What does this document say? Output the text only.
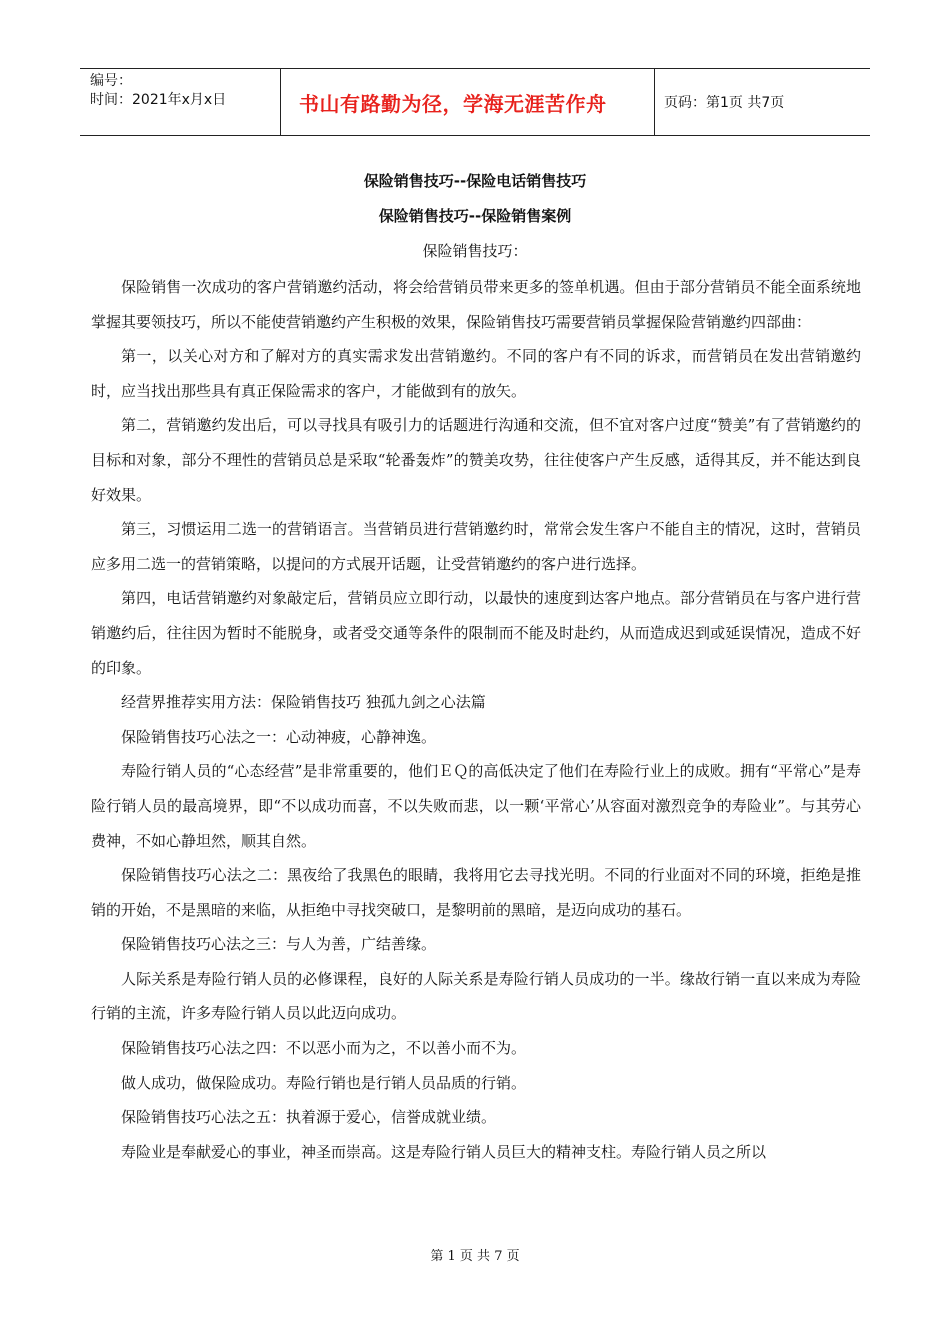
编号：
时间：2021年x月x日	书山有路勤为径，学海无涯苦作舟	页码：第1页 共7页
保险销售技巧--保险电话销售技巧
保险销售技巧--保险销售案例
保险销售技巧：

保险销售一次成功的客户营销邀约活动，将会给营销员带来更多的签单机遇。但由于部分营销员不能全面系统地掌握其要领技巧，所以不能使营销邀约产生积极的效果，保险销售技巧需要营销员掌握保险营销邀约四部曲：

第一，以关心对方和了解对方的真实需求发出营销邀约。不同的客户有不同的诉求，而营销员在发出营销邀约时，应当找出那些具有真正保险需求的客户，才能做到有的放矢。

第二，营销邀约发出后，可以寻找具有吸引力的话题进行沟通和交流，但不宜对客户过度“赞美”有了营销邀约的目标和对象，部分不理性的营销员总是采取“轮番轰炸”的赞美攻势，往往使客户产生反感，适得其反，并不能达到良好效果。

第三，习惯运用二选一的营销语言。当营销员进行营销邀约时，常常会发生客户不能自主的情况，这时，营销员应多用二选一的营销策略，以提问的方式展开话题，让受营销邀约的客户进行选择。

第四，电话营销邀约对象敲定后，营销员应立即行动，以最快的速度到达客户地点。部分营销员在与客户进行营销邀约后，往往因为暂时不能脱身，或者受交通等条件的限制而不能及时赴约，从而造成迟到或延误情况，造成不好的印象。

经营界推荐实用方法：保险销售技巧 独孤九剑之心法篇

保险销售技巧心法之一：心动神疲，心静神逸。

寿险行销人员的“心态经营”是非常重要的，他们ＥＱ的高低决定了他们在寿险行业上的成败。拥有“平常心”是寿险行销人员的最高境界，即“不以成功而喜，不以失败而悲，以一颗‘平常心’从容面对激烈竞争的寿险业”。与其劳心费神，不如心静坦然，顺其自然。

保险销售技巧心法之二：黑夜给了我黑色的眼睛，我将用它去寻找光明。不同的行业面对不同的环境，拒绝是推销的开始，不是黑暗的来临，从拒绝中寻找突破口，是黎明前的黑暗，是迈向成功的基石。

保险销售技巧心法之三：与人为善，广结善缘。

人际关系是寿险行销人员的必修课程，良好的人际关系是寿险行销人员成功的一半。缘故行销一直以来成为寿险行销的主流，许多寿险行销人员以此迈向成功。

保险销售技巧心法之四：不以恶小而为之，不以善小而不为。

做人成功，做保险成功。寿险行销也是行销人员品质的行销。

保险销售技巧心法之五：执着源于爱心，信誉成就业绩。

寿险业是奉献爱心的事业，神圣而崇高。这是寿险行销人员巨大的精神支柱。寿险行销人员之所以

第 1 页 共 7 页
